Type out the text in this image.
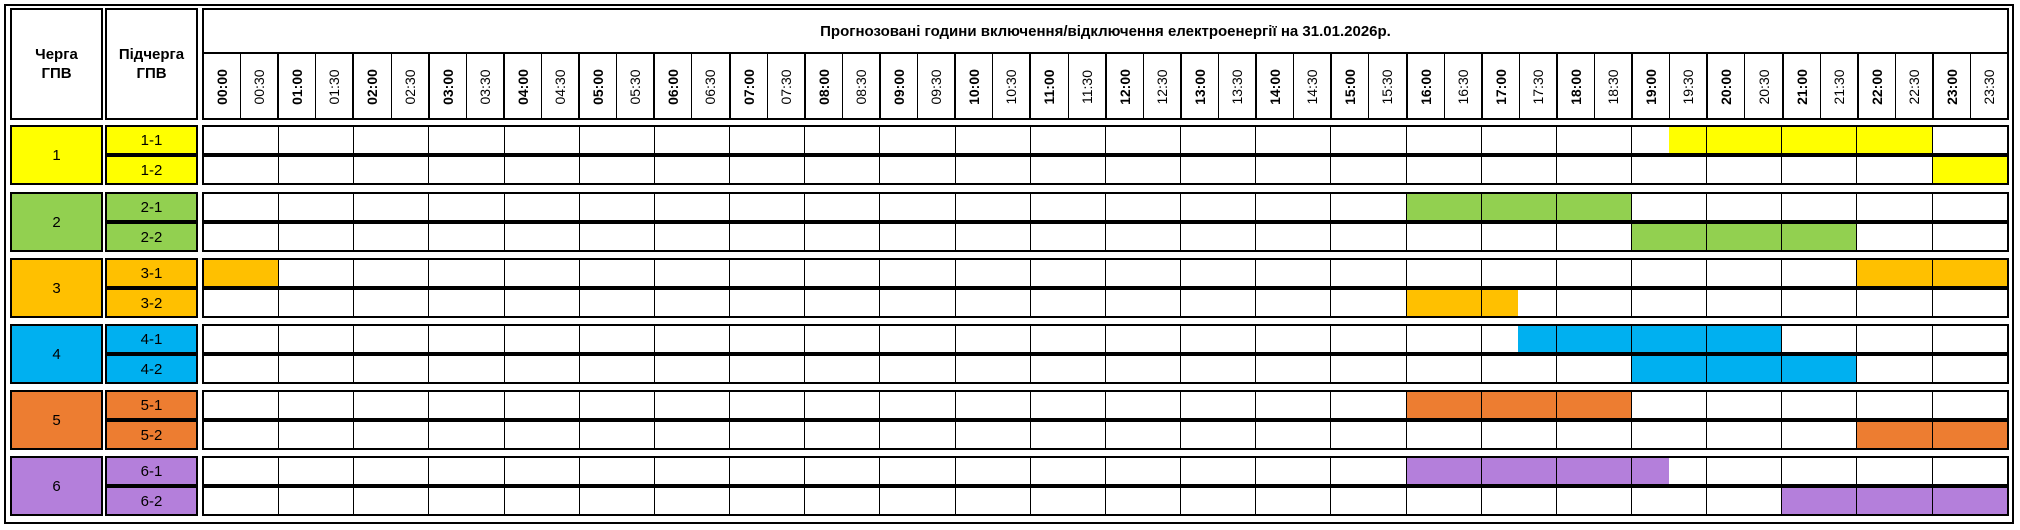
Черга ГПВ
Підчерга ГПВ
Прогнозовані години включення/відключення електроенергії на 31.01.2026р.
00:00 00:30 01:00 01:30 02:00 02:30 03:00 03:30 04:00 04:30 05:00 05:30 06:00 06:30 07:00 07:30 08:00 08:30 09:00 09:30 10:00 10:30 11:00 11:30 12:00 12:30 13:00 13:30 14:00 14:30 15:00 15:30 16:00 16:30 17:00 17:30 18:00 18:30 19:00 19:30 20:00 20:30 21:00 21:30 22:00 22:30 23:00 23:30
1
1-1
1-2
2
2-1
2-2
3
3-1
3-2
4
4-1
4-2
5
5-1
5-2
6
6-1
6-2
